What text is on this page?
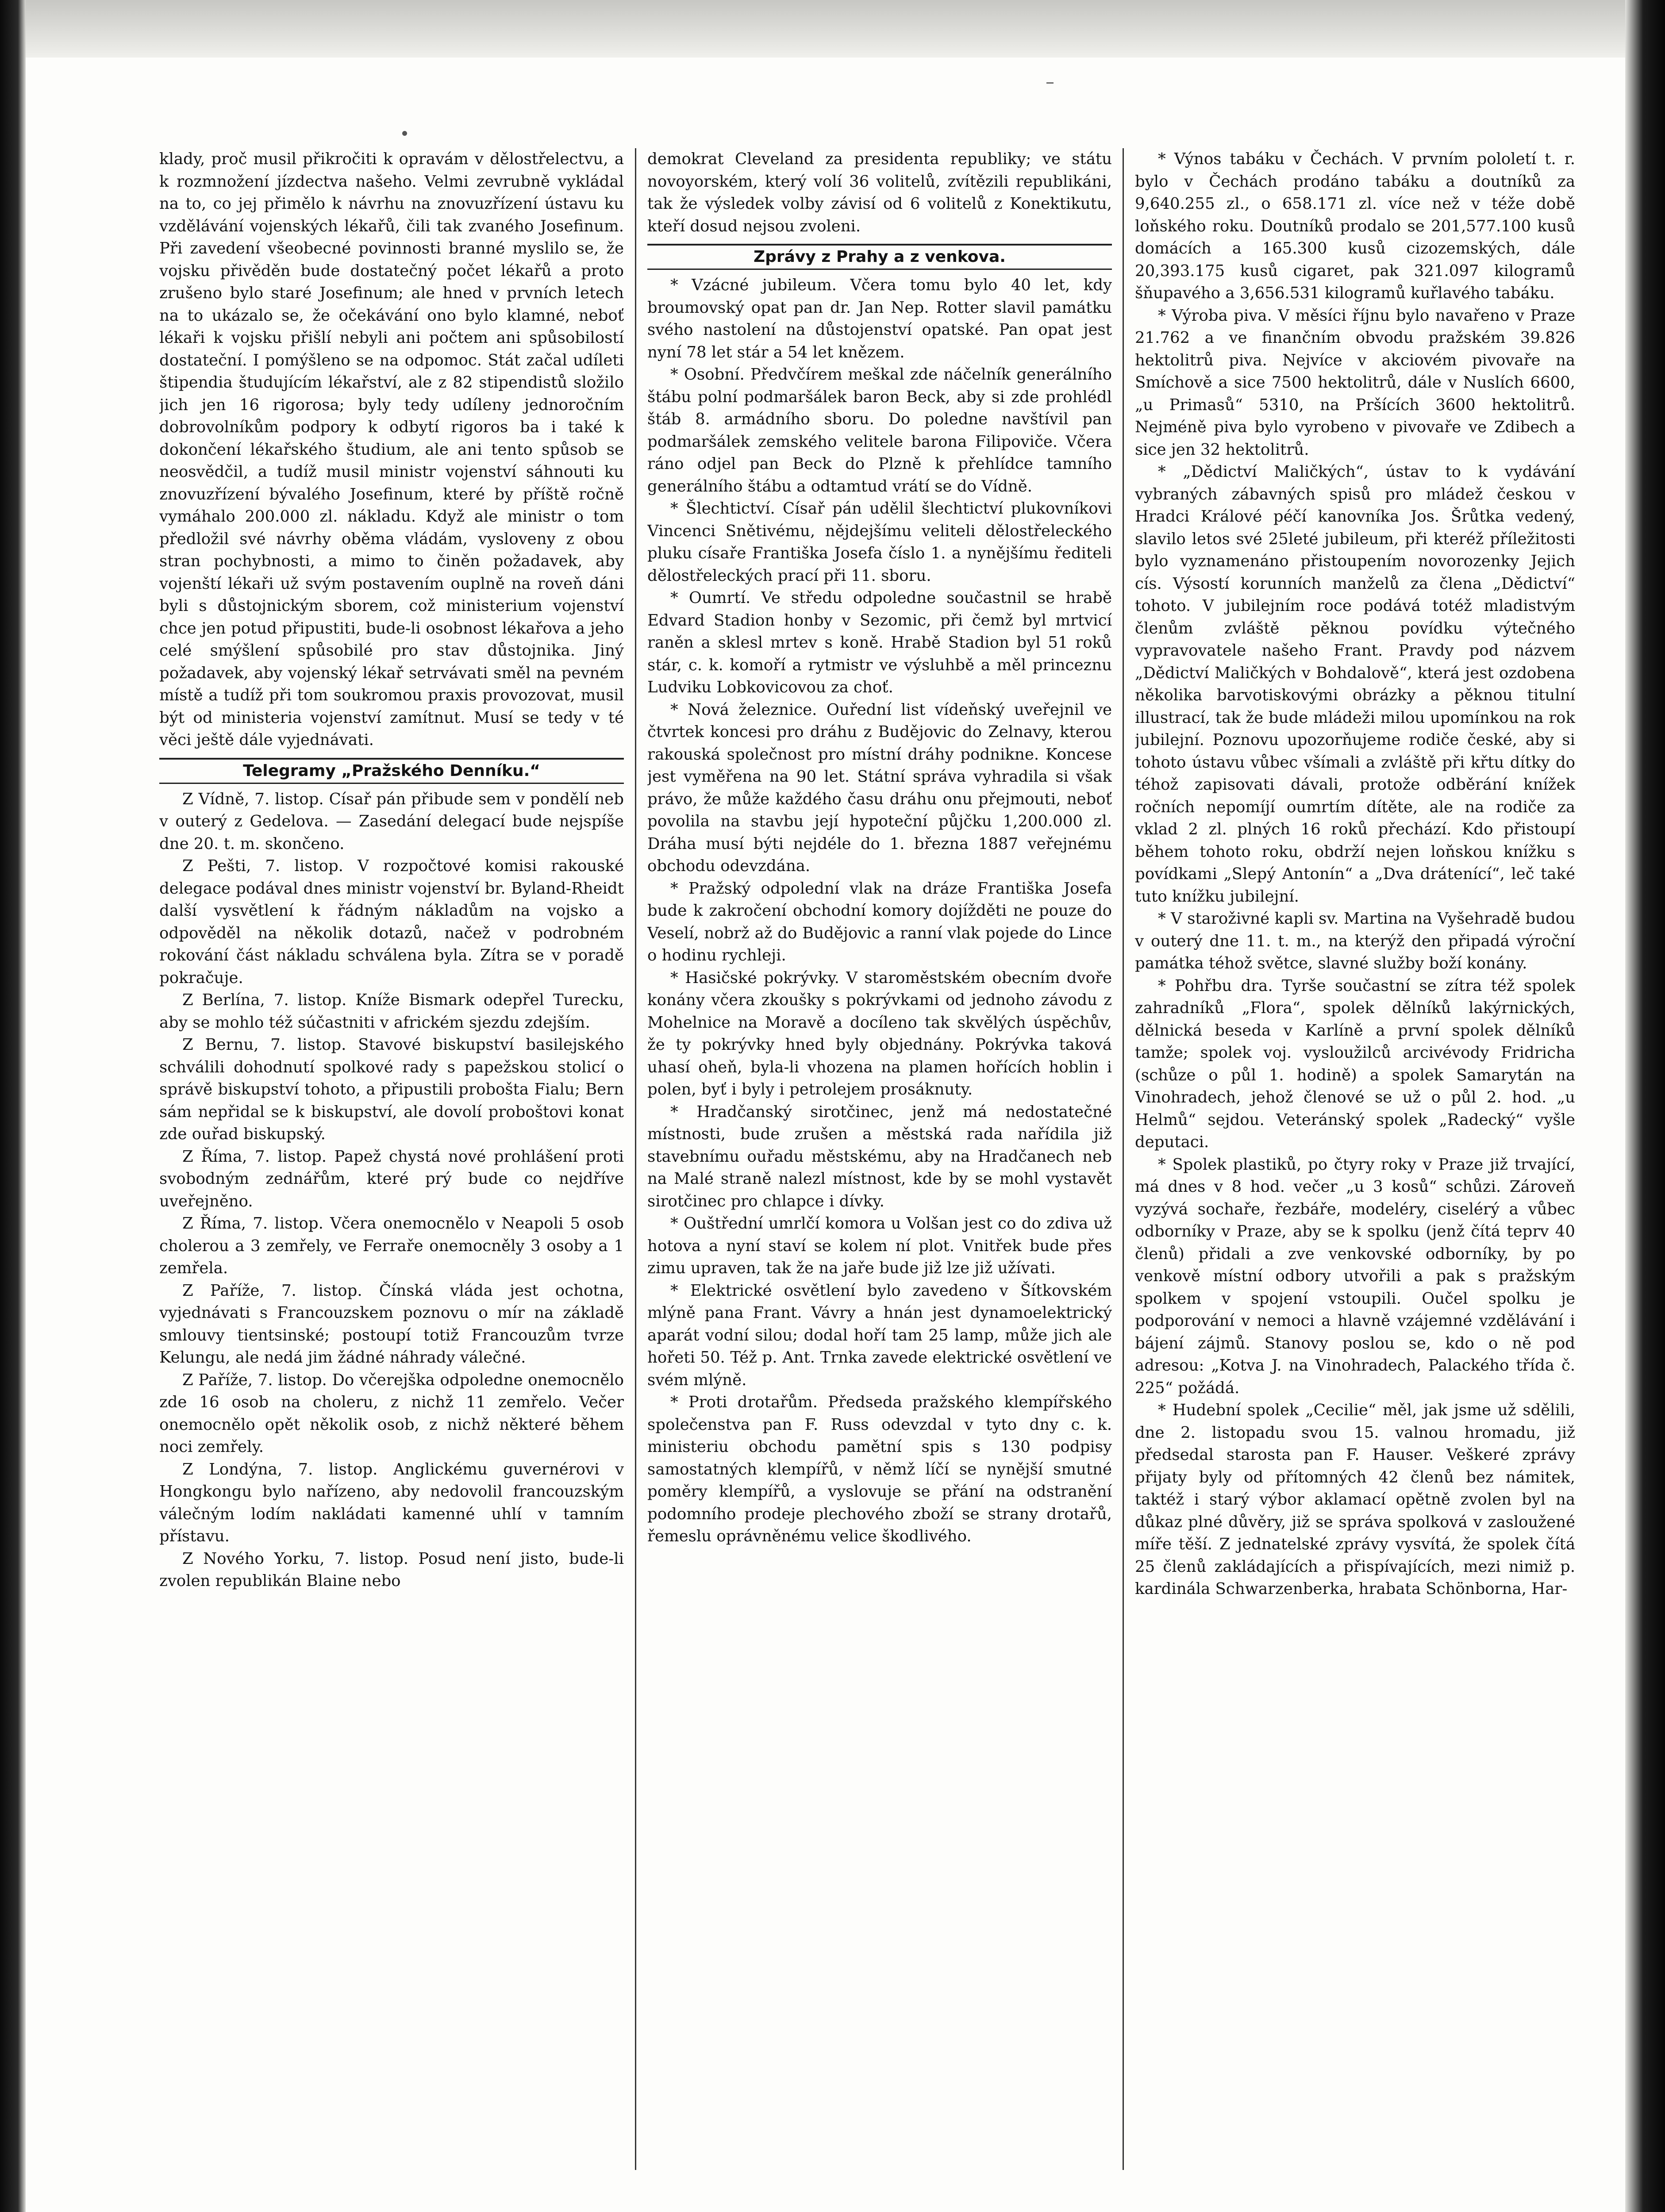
klady, proč musil přikročiti k opravám v dělostřelectvu, a k rozmnožení jízdectva našeho. Velmi zevrubně vykládal na to, co jej přimělo k návrhu na znovuzřízení ústavu ku vzdělávání vojenských lékařů, čili tak zvaného Josefinum. Při zavedení všeobecné povinnosti branné myslilo se, že vojsku přivěděn bude dostatečný počet lékařů a proto zrušeno bylo staré Josefinum; ale hned v prvních letech na to ukázalo se, že očekávání ono bylo klamné, neboť lékaři k vojsku přišlí nebyli ani počtem ani spůsobilostí dostateční. I pomýšleno se na odpomoc. Stát začal udíleti štipendia študujícím lékařství, ale z 82 stipendistů složilo jich jen 16 rigorosa; byly tedy udíleny jednoročním dobrovolníkům podpory k odbytí rigoros ba i také k dokončení lékařského študium, ale ani tento spůsob se neosvědčil, a tudíž musil ministr vojenství sáhnouti ku znovuzřízení bývalého Josefinum, které by příště ročně vymáhalo 200.000 zl. nákladu. Když ale ministr o tom předložil své návrhy oběma vládám, vysloveny z obou stran pochybnosti, a mimo to činěn požadavek, aby vojenští lékaři už svým postavením ouplně na roveň dáni byli s důstojnickým sborem, což ministerium vojenství chce jen potud připustiti, bude-li osobnost lékařova a jeho celé smýšlení spůsobilé pro stav důstojnika. Jiný požadavek, aby vojenský lékař setrvávati směl na pevném místě a tudíž při tom soukromou praxis provozovat, musil být od ministeria vojenství zamítnut. Musí se tedy v té věci ještě dále vyjednávati.

Telegramy „Pražského Denníku.“

Z Vídně, 7. listop. Císař pán přibude sem v pondělí neb v outerý z Gedelova. — Zasedání delegací bude nejspíše dne 20. t. m. skončeno.

Z Pešti, 7. listop. V rozpočtové komisi rakouské delegace podával dnes ministr vojenství br. Byland-Rheidt další vysvětlení k řádným nákladům na vojsko a odpověděl na několik dotazů, načež v podrobném rokování část nákladu schválena byla. Zítra se v poradě pokračuje.

Z Berlína, 7. listop. Kníže Bismark odepřel Turecku, aby se mohlo též súčastniti v africkém sjezdu zdejším.

Z Bernu, 7. listop. Stavové biskupství basilejského schválili dohodnutí spolkové rady s papežskou stolicí o správě biskupství tohoto, a připustili probošta Fialu; Bern sám nepřidal se k biskupství, ale dovolí proboštovi konat zde ouřad biskupský.

Z Říma, 7. listop. Papež chystá nové prohlášení proti svobodným zednářům, které prý bude co nejdříve uveřejněno.

Z Říma, 7. listop. Včera onemocnělo v Neapoli 5 osob cholerou a 3 zemřely, ve Ferraře onemocněly 3 osoby a 1 zemřela.

Z Paříže, 7. listop. Čínská vláda jest ochotna, vyjednávati s Francouzskem poznovu o mír na základě smlouvy tientsinské; postoupí totiž Francouzům tvrze Kelungu, ale nedá jim žádné náhrady válečné.

Z Paříže, 7. listop. Do včerejška odpoledne onemocnělo zde 16 osob na choleru, z nichž 11 zemřelo. Večer onemocnělo opět několik osob, z nichž některé během noci zemřely.

Z Londýna, 7. listop. Anglickému guvernérovi v Hongkongu bylo nařízeno, aby nedovolil francouzským válečným lodím nakládati kamenné uhlí v tamním přístavu.

Z Nového Yorku, 7. listop. Posud není jisto, bude-li zvolen republikán Blaine nebo

demokrat Cleveland za presidenta republiky; ve státu novoyorském, který volí 36 volitelů, zvítězili republikáni, tak že výsledek volby závisí od 6 volitelů z Konektikutu, kteří dosud nejsou zvoleni.

Zprávy z Prahy a z venkova.

* Vzácné jubileum. Včera tomu bylo 40 let, kdy broumovský opat pan dr. Jan Nep. Rotter slavil památku svého nastolení na důstojenství opatské. Pan opat jest nyní 78 let stár a 54 let knězem.

* Osobní. Předvčírem meškal zde náčelník generálního štábu polní podmaršálek baron Beck, aby si zde prohlédl štáb 8. armádního sboru. Do poledne navštívil pan podmaršálek zemského velitele barona Filipoviče. Včera ráno odjel pan Beck do Plzně k přehlídce tamního generálního štábu a odtamtud vrátí se do Vídně.

* Šlechtictví. Císař pán udělil šlechtictví plukovníkovi Vincenci Snětivému, nějdejšímu veliteli dělostřeleckého pluku císaře Františka Josefa číslo 1. a nynějšímu řediteli dělostřeleckých prací při 11. sboru.

* Oumrtí. Ve středu odpoledne součastnil se hrabě Edvard Stadion honby v Sezomic, při čemž byl mrtvicí raněn a sklesl mrtev s koně. Hrabě Stadion byl 51 roků stár, c. k. komoří a rytmistr ve výsluhbě a měl princeznu Ludviku Lobkovicovou za choť.

* Nová železnice. Ouřední list vídeňský uveřejnil ve čtvrtek koncesi pro dráhu z Budějovic do Zelnavy, kterou rakouská společnost pro místní dráhy podnikne. Koncese jest vyměřena na 90 let. Státní správa vyhradila si však právo, že může každého času dráhu onu přejmouti, neboť povolila na stavbu její hypoteční půjčku 1,200.000 zl. Dráha musí býti nejdéle do 1. března 1887 veřejnému obchodu odevzdána.

* Pražský odpolední vlak na dráze Františka Josefa bude k zakročení obchodní komory dojížděti ne pouze do Veselí, nobrž až do Budějovic a ranní vlak pojede do Lince o hodinu rychleji.

* Hasičské pokrývky. V staroměstském obecním dvoře konány včera zkoušky s pokrývkami od jednoho závodu z Mohelnice na Moravě a docíleno tak skvělých úspěchův, že ty pokrývky hned byly objednány. Pokrývka taková uhasí oheň, byla-li vhozena na plamen hořících hoblin i polen, byť i byly i petrolejem prosáknuty.

* Hradčanský sirotčinec, jenž má nedostatečné místnosti, bude zrušen a městská rada nařídila již stavebnímu ouřadu městskému, aby na Hradčanech neb na Malé straně nalezl místnost, kde by se mohl vystavět sirotčinec pro chlapce i dívky.

* Ouštřední umrlčí komora u Volšan jest co do zdiva už hotova a nyní staví se kolem ní plot. Vnitřek bude přes zimu upraven, tak že na jaře bude již lze již užívati.

* Elektrické osvětlení bylo zavedeno v Šítkovském mlýně pana Frant. Vávry a hnán jest dynamoelektrický aparát vodní silou; dodal hoří tam 25 lamp, může jich ale hořeti 50. Též p. Ant. Trnka zavede elektrické osvětlení ve svém mlýně.

* Proti drotařům. Předseda pražského klempířského společenstva pan F. Russ odevzdal v tyto dny c. k. ministeriu obchodu pamětní spis s 130 podpisy samostatných klempířů, v němž líčí se nynější smutné poměry klempířů, a vyslovuje se přání na odstranění podomního prodeje plechového zboží se strany drotařů, řemeslu oprávněnému velice škodlivého.

* Výnos tabáku v Čechách. V prvním pololetí t. r. bylo v Čechách prodáno tabáku a doutníků za 9,640.255 zl., o 658.171 zl. více než v téže době loňského roku. Doutníků prodalo se 201,577.100 kusů domácích a 165.300 kusů cizozemských, dále 20,393.175 kusů cigaret, pak 321.097 kilogramů šňupavého a 3,656.531 kilogramů kuřlavého tabáku.

* Výroba piva. V měsíci říjnu bylo navařeno v Praze 21.762 a ve finančním obvodu pražském 39.826 hektolitrů piva. Nejvíce v akciovém pivovaře na Smíchově a sice 7500 hektolitrů, dále v Nuslích 6600, „u Primasů“ 5310, na Pršících 3600 hektolitrů. Nejméně piva bylo vyrobeno v pivovaře ve Zdibech a sice jen 32 hektolitrů.

* „Dědictví Maličkých“, ústav to k vydávání vybraných zábavných spisů pro mládež českou v Hradci Králové péčí kanovníka Jos. Šrůtka vedený, slavilo letos své 25leté jubileum, při kteréž příležitosti bylo vyznamenáno přistoupením novorozenky Jejich cís. Výsostí korunních manželů za člena „Dědictví“ tohoto. V jubilejním roce podává totéž mladistvým členům zvláště pěknou povídku výtečného vypravovatele našeho Frant. Pravdy pod názvem „Dědictví Maličkých v Bohdalově“, která jest ozdobena několika barvotiskovými obrázky a pěknou titulní illustrací, tak že bude mládeži milou upomínkou na rok jubilejní. Poznovu upozorňujeme rodiče české, aby si tohoto ústavu vůbec všímali a zvláště při křtu dítky do téhož zapisovati dávali, protože odběrání knížek ročních nepomíjí oumrtím dítěte, ale na rodiče za vklad 2 zl. plných 16 roků přechází. Kdo přistoupí během tohoto roku, obdrží nejen loňskou knížku s povídkami „Slepý Antonín“ a „Dva drátenící“, leč také tuto knížku jubilejní.

* V staroživné kapli sv. Martina na Vyšehradě budou v outerý dne 11. t. m., na kterýž den připadá výroční památka téhož světce, slavné služby boží konány.

* Pohřbu dra. Tyrše součastní se zítra též spolek zahradníků „Flora“, spolek dělníků lakýrnických, dělnická beseda v Karlíně a první spolek dělníků tamže; spolek voj. vysloužilců arcivévody Fridricha (schůze o půl 1. hodině) a spolek Samarytán na Vinohradech, jehož členové se už o půl 2. hod. „u Helmů“ sejdou. Veteránský spolek „Radecký“ vyšle deputaci.

* Spolek plastiků, po čtyry roky v Praze již trvající, má dnes v 8 hod. večer „u 3 kosů“ schůzi. Zároveň vyzývá sochaře, řezbáře, modeléry, ciselérý a vůbec odborníky v Praze, aby se k spolku (jenž čítá teprv 40 členů) přidali a zve venkovské odborníky, by po venkově místní odbory utvořili a pak s pražským spolkem v spojení vstoupili. Oučel spolku je podporování v nemoci a hlavně vzájemné vzdělávání i bájení zájmů. Stanovy poslou se, kdo o ně pod adresou: „Kotva J. na Vinohradech, Palackého třída č. 225“ požádá.

* Hudební spolek „Cecilie“ měl, jak jsme už sdělili, dne 2. listopadu svou 15. valnou hromadu, již předsedal starosta pan F. Hauser. Veškeré zprávy přijaty byly od přítomných 42 členů bez námitek, taktéž i starý výbor aklamací opětně zvolen byl na důkaz plné důvěry, již se správa spolková v zasloužené míře těší. Z jednatelské zprávy vysvítá, že spolek čítá 25 členů zakládajících a přispívajících, mezi nimiž p. kardinála Schwarzenberka, hrabata Schönborna, Har-
